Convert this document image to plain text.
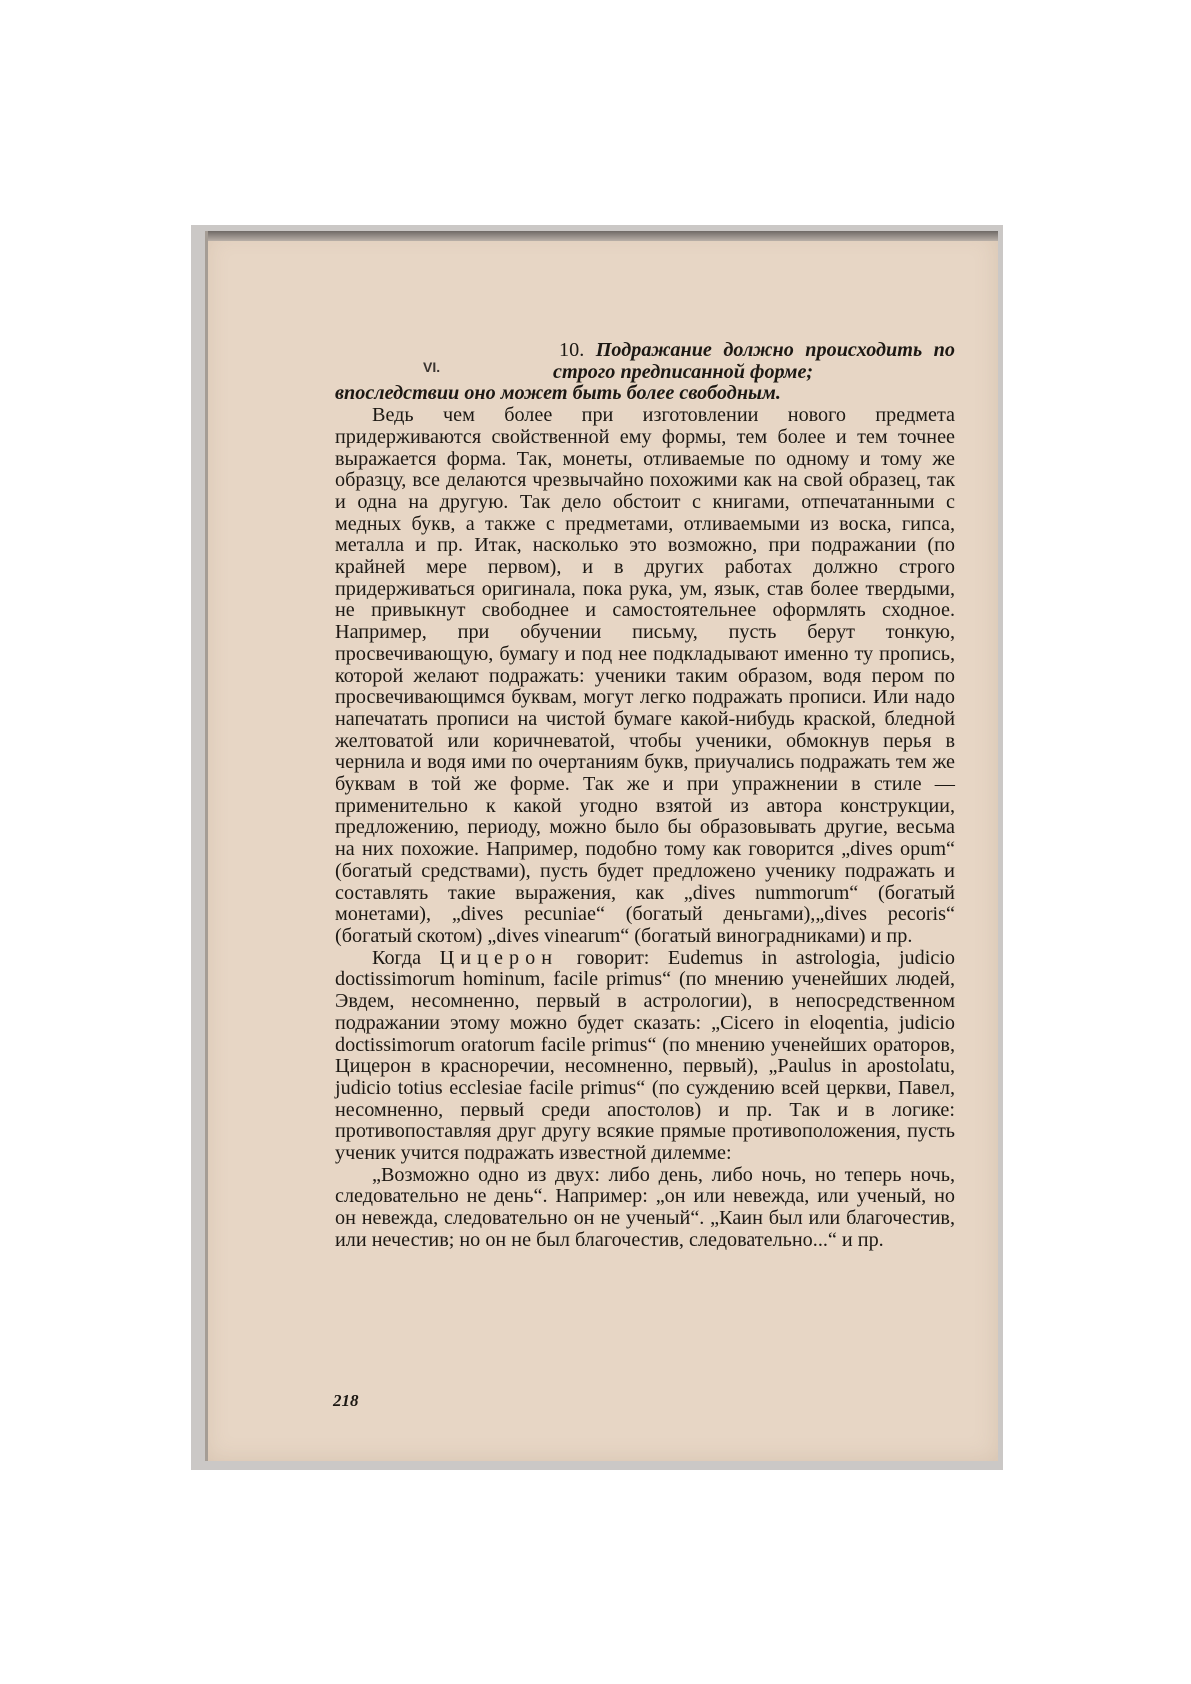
VI.

10. Подражание должно происходить по строго предписанной форме;

впоследствии оно может быть более свободным.

Ведь чем более при изготовлении нового предмета придерживаются свойственной ему формы, тем более и тем точнее выражается форма. Так, монеты, отливаемые по одному и тому же образцу, все делаются чрезвычайно похожими как на свой образец, так и одна на другую. Так дело обстоит с книгами, отпечатанными с медных букв, а также с предметами, отливаемыми из воска, гипса, металла и пр. Итак, насколько это возможно, при подражании (по крайней мере первом), и в других работах должно строго придерживаться оригинала, пока рука, ум, язык, став более твердыми, не привыкнут свободнее и самостоятельнее оформлять сходное. Например, при обучении письму, пусть берут тонкую, просвечивающую, бумагу и под нее подкладывают именно ту пропись, которой желают подражать: ученики таким образом, водя пером по просвечивающимся буквам, могут легко подражать прописи. Или надо напечатать прописи на чистой бумаге какой-нибудь краской, бледной желтоватой или коричневатой, чтобы ученики, обмокнув перья в чернила и водя ими по очертаниям букв, приучались подражать тем же буквам в той же форме. Так же и при упражнении в стиле — применительно к какой угодно взятой из автора конструкции, предложению, периоду, можно было бы образовывать другие, весьма на них похожие. Например, подобно тому как говорится „dives opum“ (богатый средствами), пусть будет предложено ученику подражать и составлять такие выражения, как „dives nummorum“ (богатый монетами), „dives pecuniae“ (богатый деньгами),„dives pecoris“ (богатый скотом) „dives vinearum“ (богатый виноградниками) и пр.

Когда Цицерон говорит: Eudemus in astrologia, judicio doctissimorum hominum, facile primus“ (по мнению ученейших людей, Эвдем, несомненно, первый в астрологии), в непосредственном подражании этому можно будет сказать: „Cicero in eloqentia, judicio doctissimorum oratorum facile primus“ (по мнению ученейших ораторов, Цицерон в красноречии, несомненно, первый), „Paulus in apostolatu, judicio totius ecclesiae facile primus“ (по суждению всей церкви, Павел, несомненно, первый среди апостолов) и пр. Так и в логике: противопоставляя друг другу всякие прямые противоположения, пусть ученик учится подражать известной дилемме:

„Возможно одно из двух: либо день, либо ночь, но теперь ночь, следовательно не день“. Например: „он или невежда, или ученый, но он невежда, следовательно он не ученый“. „Каин был или благочестив, или нечестив; но он не был благочестив, следовательно...“ и пр.

218
